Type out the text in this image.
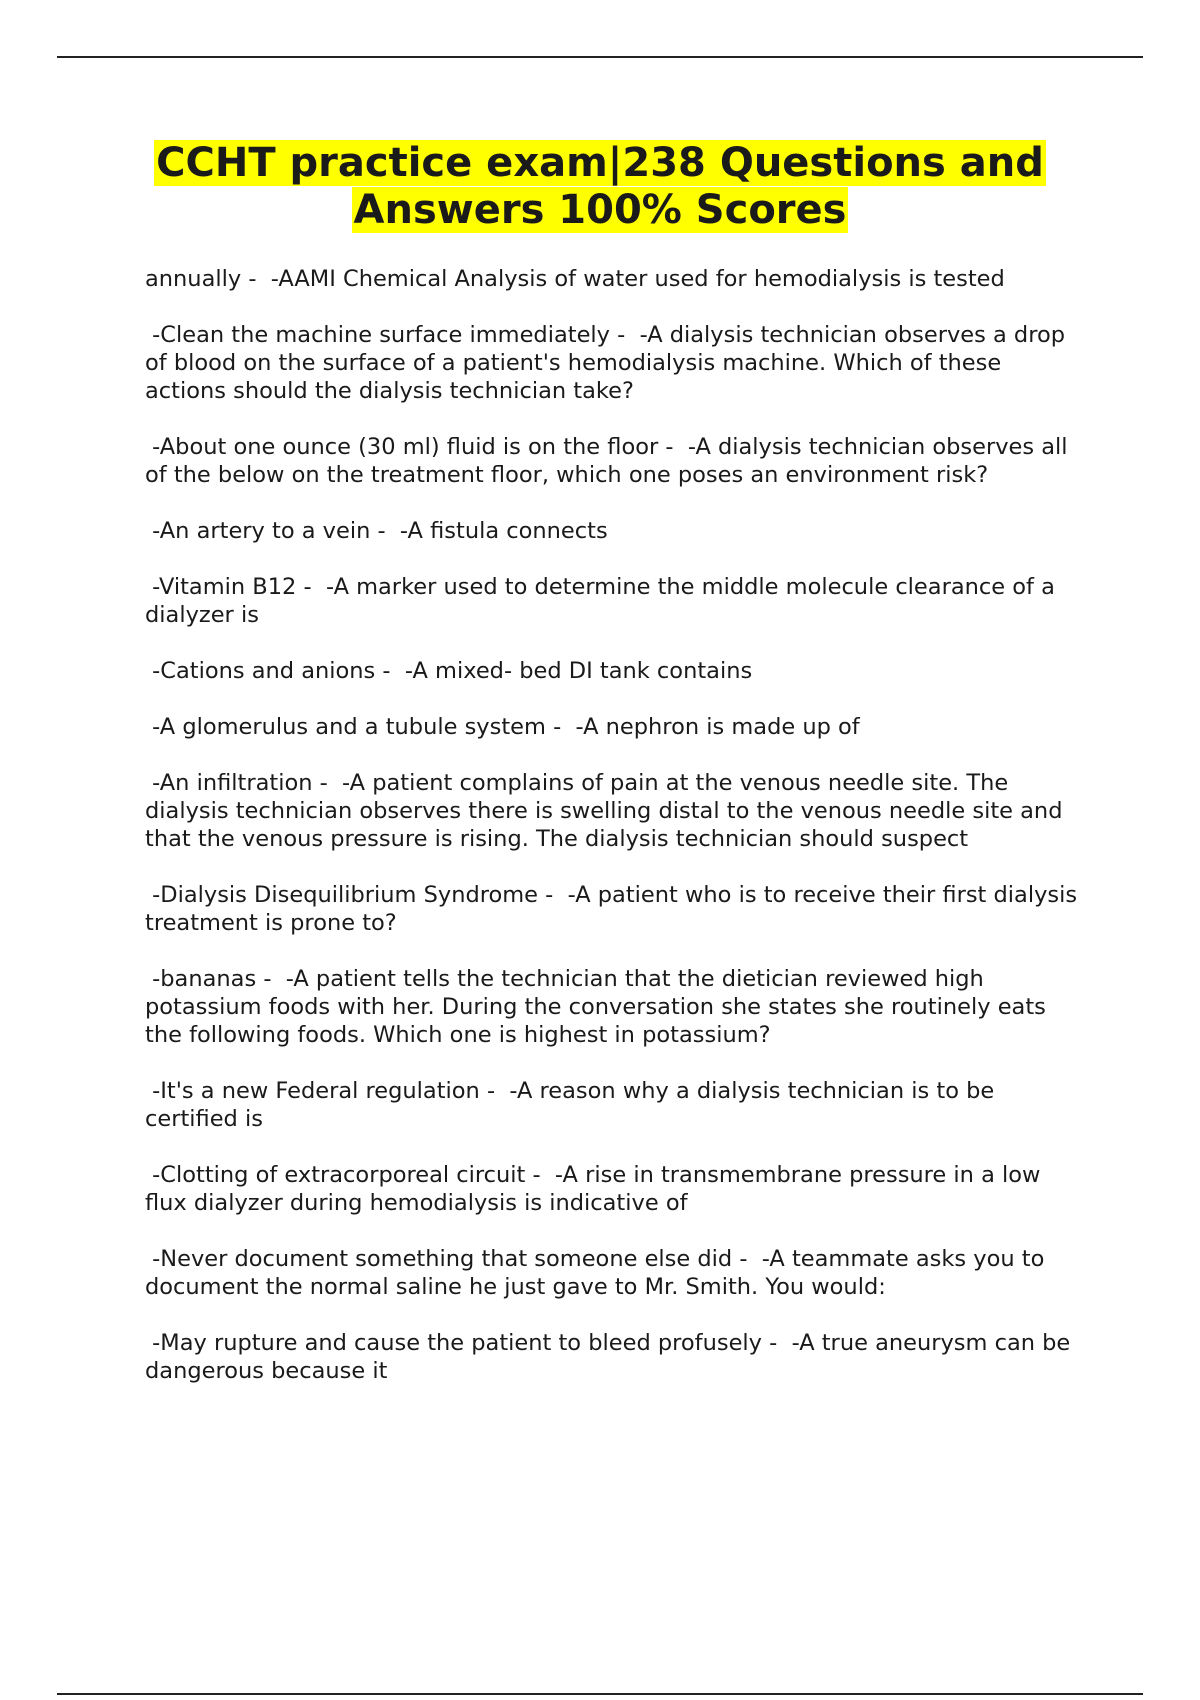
CCHT practice exam|238 Questions and
Answers 100% Scores

annually -  -AAMI Chemical Analysis of water used for hemodialysis is tested

-Clean the machine surface immediately -  -A dialysis technician observes a drop of blood on the surface of a patient's hemodialysis machine. Which of these actions should the dialysis technician take?

-About one ounce (30 ml) fluid is on the floor -  -A dialysis technician observes all of the below on the treatment floor, which one poses an environment risk?

-An artery to a vein -  -A fistula connects

-Vitamin B12 -  -A marker used to determine the middle molecule clearance of a dialyzer is

-Cations and anions -  -A mixed- bed DI tank contains

-A glomerulus and a tubule system -  -A nephron is made up of

-An infiltration -  -A patient complains of pain at the venous needle site. The dialysis technician observes there is swelling distal to the venous needle site and that the venous pressure is rising. The dialysis technician should suspect

-Dialysis Disequilibrium Syndrome -  -A patient who is to receive their first dialysis treatment is prone to?

-bananas -  -A patient tells the technician that the dietician reviewed high potassium foods with her. During the conversation she states she routinely eats the following foods. Which one is highest in potassium?

-It's a new Federal regulation -  -A reason why a dialysis technician is to be certified is

-Clotting of extracorporeal circuit -  -A rise in transmembrane pressure in a low flux dialyzer during hemodialysis is indicative of

-Never document something that someone else did -  -A teammate asks you to document the normal saline he just gave to Mr. Smith. You would:

-May rupture and cause the patient to bleed profusely -  -A true aneurysm can be dangerous because it
